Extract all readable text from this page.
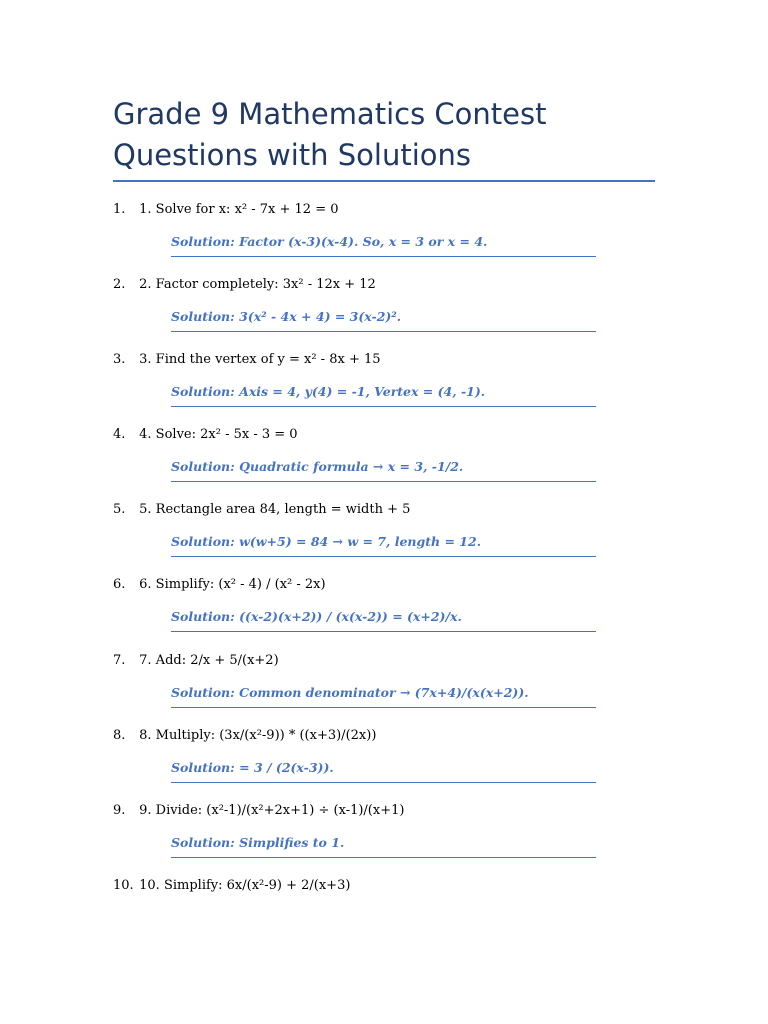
Grade 9 Mathematics Contest
Questions with Solutions
1. 1. Solve for x: x² - 7x + 12 = 0
Solution: Factor (x-3)(x-4). So, x = 3 or x = 4.
2. 2. Factor completely: 3x² - 12x + 12
Solution: 3(x² - 4x + 4) = 3(x-2)².
3. 3. Find the vertex of y = x² - 8x + 15
Solution: Axis = 4, y(4) = -1, Vertex = (4, -1).
4. 4. Solve: 2x² - 5x - 3 = 0
Solution: Quadratic formula → x = 3, -1/2.
5. 5. Rectangle area 84, length = width + 5
Solution: w(w+5) = 84 → w = 7, length = 12.
6. 6. Simplify: (x² - 4) / (x² - 2x)
Solution: ((x-2)(x+2)) / (x(x-2)) = (x+2)/x.
7. 7. Add: 2/x + 5/(x+2)
Solution: Common denominator → (7x+4)/(x(x+2)).
8. 8. Multiply: (3x/(x²-9)) * ((x+3)/(2x))
Solution: = 3 / (2(x-3)).
9. 9. Divide: (x²-1)/(x²+2x+1) ÷ (x-1)/(x+1)
Solution: Simplifies to 1.
10. 10. Simplify: 6x/(x²-9) + 2/(x+3)
